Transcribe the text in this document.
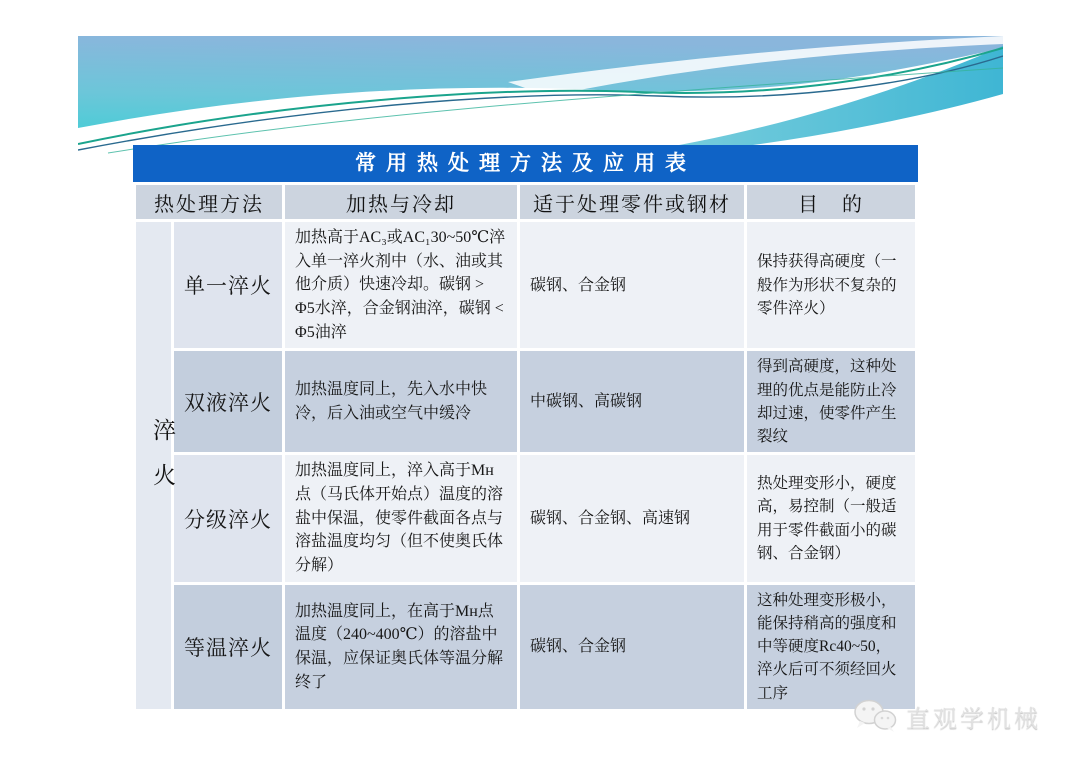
常用热处理方法及应用表
热处理方法		加热与冷却	适于处理零件或钢材	目　的
淬火	单一淬火	加热高于AC₃或AC₁30~50℃淬入单一淬火剂中（水、油或其他介质）快速冷却。碳钢 > Φ5水淬，合金钢油淬，碳钢 < Φ5油淬	碳钢、合金钢	保持获得高硬度（一般作为形状不复杂的零件淬火）
	双液淬火	加热温度同上，先入水中快冷，后入油或空气中缓冷	中碳钢、高碳钢	得到高硬度，这种处理的优点是能防止冷却过速，使零件产生裂纹
	分级淬火	加热温度同上，淬入高于Mн点（马氏体开始点）温度的溶盐中保温，使零件截面各点与溶盐温度均匀（但不使奥氏体分解）	碳钢、合金钢、高速钢	热处理变形小，硬度高，易控制（一般适用于零件截面小的碳钢、合金钢）
	等温淬火	加热温度同上，在高于Mн点温度（240~400℃）的溶盐中保温，应保证奥氏体等温分解终了	碳钢、合金钢	这种处理变形极小，能保持稍高的强度和中等硬度Rc40~50，淬火后可不须经回火工序
直观学机械
